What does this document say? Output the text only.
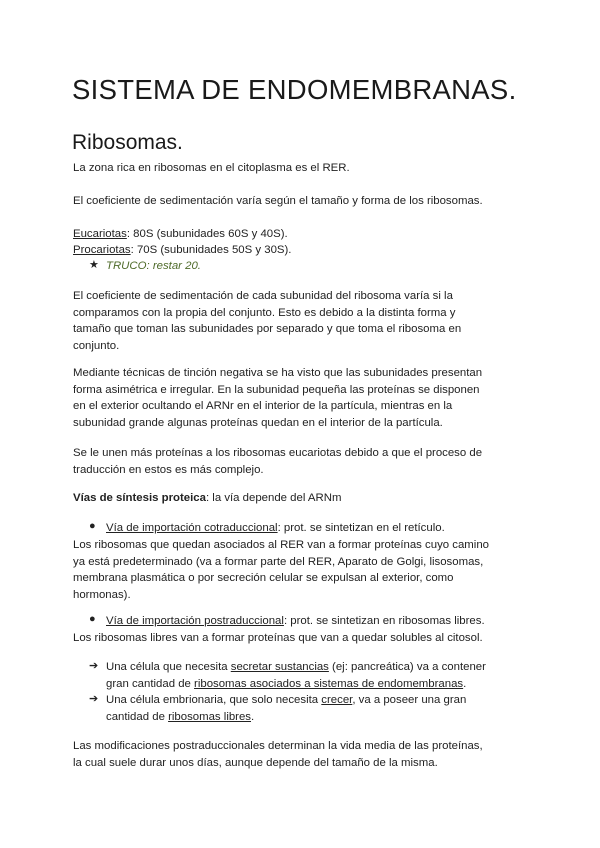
SISTEMA DE ENDOMEMBRANAS.
Ribosomas.
La zona rica en ribosomas en el citoplasma es el RER.
El coeficiente de sedimentación varía según el tamaño y forma de los ribosomas.
Eucariotas: 80S (subunidades 60S y 40S).
Procariotas: 70S (subunidades 50S y 30S).
★ TRUCO: restar 20.
El coeficiente de sedimentación de cada subunidad del ribosoma varía si la
comparamos con la propia del conjunto. Esto es debido a la distinta forma y
tamaño que toman las subunidades por separado y que toma el ribosoma en
conjunto.
Mediante técnicas de tinción negativa se ha visto que las subunidades presentan
forma asimétrica e irregular. En la subunidad pequeña las proteínas se disponen
en el exterior ocultando el ARNr en el interior de la partícula, mientras en la
subunidad grande algunas proteínas quedan en el interior de la partícula.
Se le unen más proteínas a los ribosomas eucariotas debido a que el proceso de
traducción en estos es más complejo.
Vías de síntesis proteica: la vía depende del ARNm
● Vía de importación cotraduccional: prot. se sintetizan en el retículo.
Los ribosomas que quedan asociados al RER van a formar proteínas cuyo camino
ya está predeterminado (va a formar parte del RER, Aparato de Golgi, lisosomas,
membrana plasmática o por secreción celular se expulsan al exterior, como
hormonas).
● Vía de importación postraduccional: prot. se sintetizan en ribosomas libres.
Los ribosomas libres van a formar proteínas que van a quedar solubles al citosol.
➔ Una célula que necesita secretar sustancias (ej: pancreática) va a contener
gran cantidad de ribosomas asociados a sistemas de endomembranas.
➔ Una célula embrionaria, que solo necesita crecer, va a poseer una gran
cantidad de ribosomas libres.
Las modificaciones postraduccionales determinan la vida media de las proteínas,
la cual suele durar unos días, aunque depende del tamaño de la misma.
